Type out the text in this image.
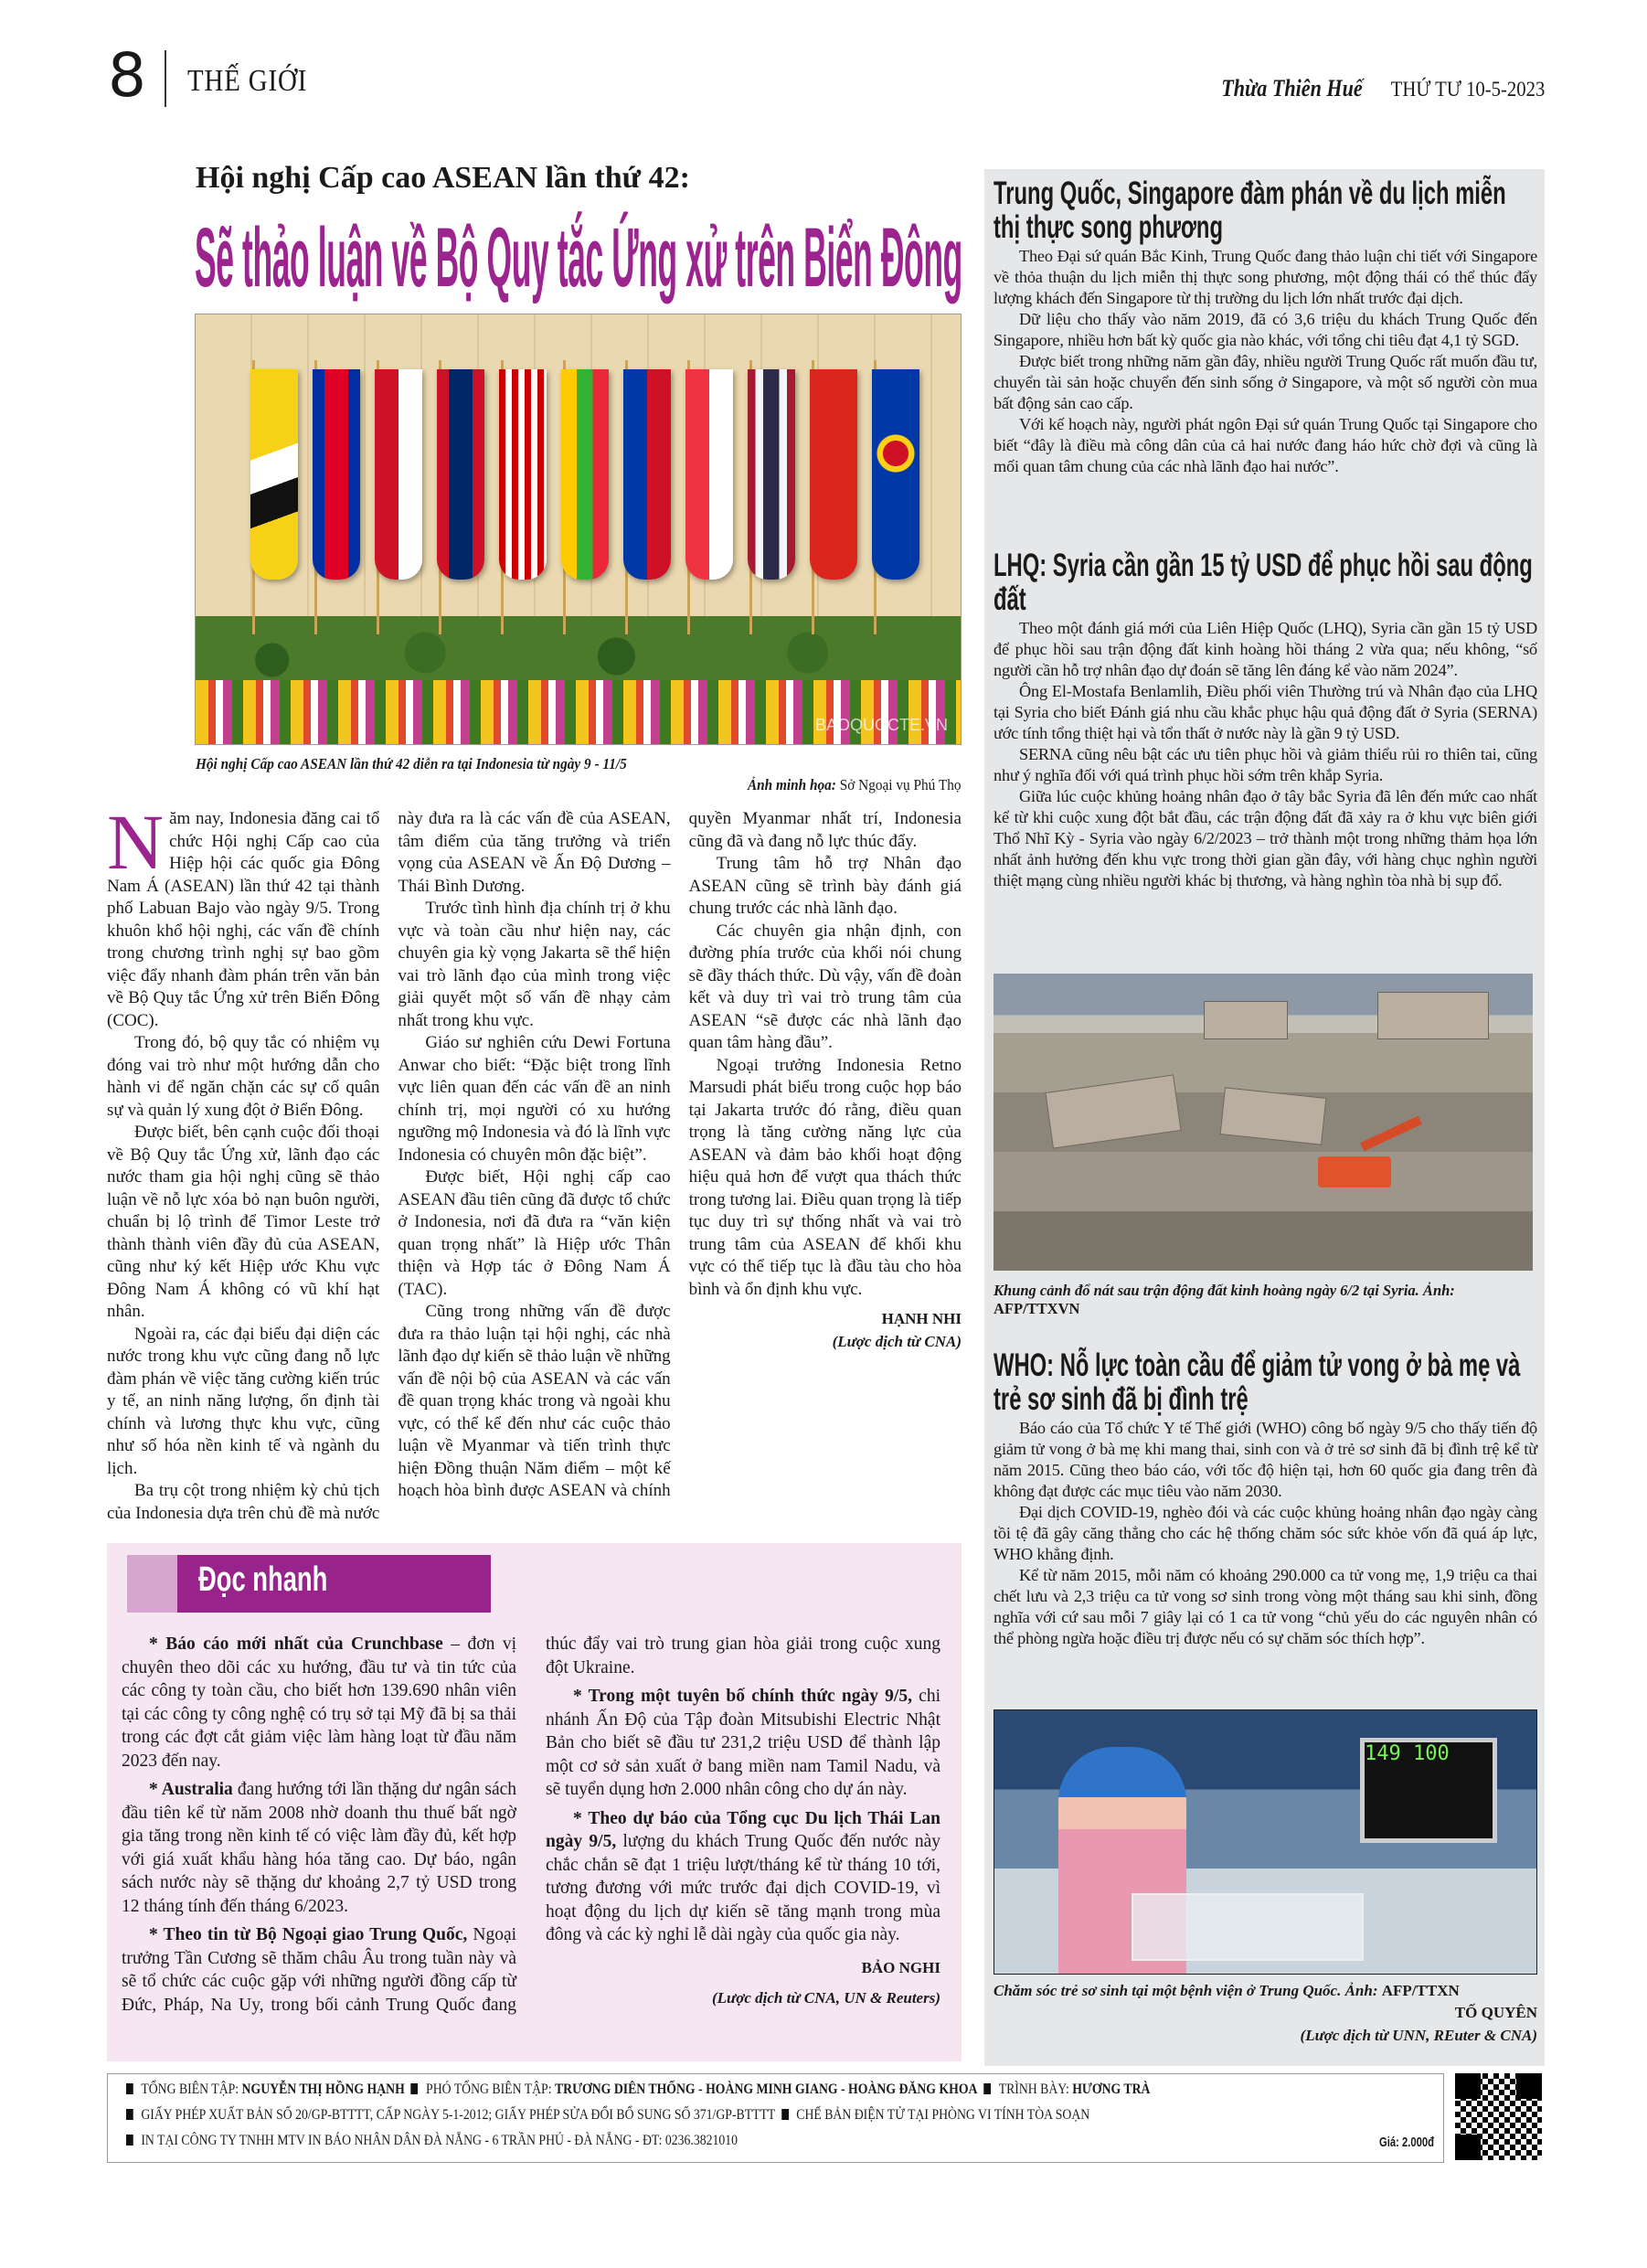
8 THẾ GIỚI	Thừa Thiên Huế THỨ TƯ 10-5-2023
Hội nghị Cấp cao ASEAN lần thứ 42:
Sẽ thảo luận về Bộ Quy tắc Ứng xử trên Biển Đông
BAOQUOCTE.VN
Hội nghị Cấp cao ASEAN lần thứ 42 diễn ra tại Indonesia từ ngày 9 - 11/5
Ảnh minh họa: Sở Ngoại vụ Phú Thọ

Năm nay, Indonesia đăng cai tổ chức Hội nghị Cấp cao của Hiệp hội các quốc gia Đông Nam Á (ASEAN) lần thứ 42 tại thành phố Labuan Bajo vào ngày 9/5. Trong khuôn khổ hội nghị, các vấn đề chính trong chương trình nghị sự bao gồm việc đẩy nhanh đàm phán trên văn bản về Bộ Quy tắc Ứng xử trên Biển Đông (COC).

Trong đó, bộ quy tắc có nhiệm vụ đóng vai trò như một hướng dẫn cho hành vi để ngăn chặn các sự cố quân sự và quản lý xung đột ở Biển Đông.

Được biết, bên cạnh cuộc đối thoại về Bộ Quy tắc Ứng xử, lãnh đạo các nước tham gia hội nghị cũng sẽ thảo luận về nỗ lực xóa bỏ nạn buôn người, chuẩn bị lộ trình để Timor Leste trở thành thành viên đầy đủ của ASEAN, cũng như ký kết Hiệp ước Khu vực Đông Nam Á không có vũ khí hạt nhân.

Ngoài ra, các đại biểu đại diện các nước trong khu vực cũng đang nỗ lực đàm phán về việc tăng cường kiến trúc y tế, an ninh năng lượng, ổn định tài chính và lương thực khu vực, cũng như số hóa nền kinh tế và ngành du lịch.

Ba trụ cột trong nhiệm kỳ chủ tịch của Indonesia dựa trên chủ đề mà nước này đưa ra là các vấn đề của ASEAN, tâm điểm của tăng trưởng và triển vọng của ASEAN về Ấn Độ Dương – Thái Bình Dương.

Trước tình hình địa chính trị ở khu vực và toàn cầu như hiện nay, các chuyên gia kỳ vọng Jakarta sẽ thể hiện vai trò lãnh đạo của mình trong việc giải quyết một số vấn đề nhạy cảm nhất trong khu vực.

Giáo sư nghiên cứu Dewi Fortuna Anwar cho biết: “Đặc biệt trong lĩnh vực liên quan đến các vấn đề an ninh chính trị, mọi người có xu hướng ngưỡng mộ Indonesia và đó là lĩnh vực Indonesia có chuyên môn đặc biệt”.

Được biết, Hội nghị cấp cao ASEAN đầu tiên cũng đã được tổ chức ở Indonesia, nơi đã đưa ra “văn kiện quan trọng nhất” là Hiệp ước Thân thiện và Hợp tác ở Đông Nam Á (TAC).

Cũng trong những vấn đề được đưa ra thảo luận tại hội nghị, các nhà lãnh đạo dự kiến sẽ thảo luận về những vấn đề nội bộ của ASEAN và các vấn đề quan trọng khác trong và ngoài khu vực, có thể kể đến như các cuộc thảo luận về Myanmar và tiến trình thực hiện Đồng thuận Năm điểm – một kế hoạch hòa bình được ASEAN và chính quyền Myanmar nhất trí, Indonesia cũng đã và đang nỗ lực thúc đẩy.

Trung tâm hỗ trợ Nhân đạo ASEAN cũng sẽ trình bày đánh giá chung trước các nhà lãnh đạo.

Các chuyên gia nhận định, con đường phía trước của khối nói chung sẽ đầy thách thức. Dù vậy, vấn đề đoàn kết và duy trì vai trò trung tâm của ASEAN “sẽ được các nhà lãnh đạo quan tâm hàng đầu”.

Ngoại trưởng Indonesia Retno Marsudi phát biểu trong cuộc họp báo tại Jakarta trước đó rằng, điều quan trọng là tăng cường năng lực của ASEAN và đảm bảo khối hoạt động hiệu quả hơn để vượt qua thách thức trong tương lai. Điều quan trọng là tiếp tục duy trì sự thống nhất và vai trò trung tâm của ASEAN để khối khu vực có thể tiếp tục là đầu tàu cho hòa bình và ổn định khu vực.

HẠNH NHI
(Lược dịch từ CNA)
Đọc nhanh

* Báo cáo mới nhất của Crunchbase – đơn vị chuyên theo dõi các xu hướng, đầu tư và tin tức của các công ty toàn cầu, cho biết hơn 139.690 nhân viên tại các công ty công nghệ có trụ sở tại Mỹ đã bị sa thải trong các đợt cắt giảm việc làm hàng loạt từ đầu năm 2023 đến nay.

* Australia đang hướng tới lần thặng dư ngân sách đầu tiên kể từ năm 2008 nhờ doanh thu thuế bất ngờ gia tăng trong nền kinh tế có việc làm đầy đủ, kết hợp với giá xuất khẩu hàng hóa tăng cao. Dự báo, ngân sách nước này sẽ thặng dư khoảng 2,7 tỷ USD trong 12 tháng tính đến tháng 6/2023.

* Theo tin từ Bộ Ngoại giao Trung Quốc, Ngoại trưởng Tần Cương sẽ thăm châu Âu trong tuần này và sẽ tổ chức các cuộc gặp với những người đồng cấp từ Đức, Pháp, Na Uy, trong bối cảnh Trung Quốc đang thúc đẩy vai trò trung gian hòa giải trong cuộc xung đột Ukraine.

* Trong một tuyên bố chính thức ngày 9/5, chi nhánh Ấn Độ của Tập đoàn Mitsubishi Electric Nhật Bản cho biết sẽ đầu tư 231,2 triệu USD để thành lập một cơ sở sản xuất ở bang miền nam Tamil Nadu, và sẽ tuyển dụng hơn 2.000 nhân công cho dự án này.

* Theo dự báo của Tổng cục Du lịch Thái Lan ngày 9/5, lượng du khách Trung Quốc đến nước này chắc chắn sẽ đạt 1 triệu lượt/tháng kể từ tháng 10 tới, tương đương với mức trước đại dịch COVID-19, vì hoạt động du lịch dự kiến sẽ tăng mạnh trong mùa đông và các kỳ nghỉ lễ dài ngày của quốc gia này.

BẢO NGHI
(Lược dịch từ CNA, UN & Reuters)
Trung Quốc, Singapore đàm phán về du lịch miễn thị thực song phương

Theo Đại sứ quán Bắc Kinh, Trung Quốc đang thảo luận chi tiết với Singapore về thỏa thuận du lịch miễn thị thực song phương, một động thái có thể thúc đẩy lượng khách đến Singapore từ thị trường du lịch lớn nhất trước đại dịch.

Dữ liệu cho thấy vào năm 2019, đã có 3,6 triệu du khách Trung Quốc đến Singapore, nhiều hơn bất kỳ quốc gia nào khác, với tổng chi tiêu đạt 4,1 tỷ SGD.

Được biết trong những năm gần đây, nhiều người Trung Quốc rất muốn đầu tư, chuyển tài sản hoặc chuyển đến sinh sống ở Singapore, và một số người còn mua bất động sản cao cấp.

Với kế hoạch này, người phát ngôn Đại sứ quán Trung Quốc tại Singapore cho biết “đây là điều mà công dân của cả hai nước đang háo hức chờ đợi và cũng là mối quan tâm chung của các nhà lãnh đạo hai nước”.

LHQ: Syria cần gần 15 tỷ USD để phục hồi sau động đất

Theo một đánh giá mới của Liên Hiệp Quốc (LHQ), Syria cần gần 15 tỷ USD để phục hồi sau trận động đất kinh hoàng hồi tháng 2 vừa qua; nếu không, “số người cần hỗ trợ nhân đạo dự đoán sẽ tăng lên đáng kể vào năm 2024”.

Ông El-Mostafa Benlamlih, Điều phối viên Thường trú và Nhân đạo của LHQ tại Syria cho biết Đánh giá nhu cầu khắc phục hậu quả động đất ở Syria (SERNA) ước tính tổng thiệt hại và tổn thất ở nước này là gần 9 tỷ USD.

SERNA cũng nêu bật các ưu tiên phục hồi và giảm thiểu rủi ro thiên tai, cũng như ý nghĩa đối với quá trình phục hồi sớm trên khắp Syria.

Giữa lúc cuộc khủng hoảng nhân đạo ở tây bắc Syria đã lên đến mức cao nhất kể từ khi cuộc xung đột bắt đầu, các trận động đất đã xảy ra ở khu vực biên giới Thổ Nhĩ Kỳ - Syria vào ngày 6/2/2023 – trở thành một trong những thảm họa lớn nhất ảnh hưởng đến khu vực trong thời gian gần đây, với hàng chục nghìn người thiệt mạng cùng nhiều người khác bị thương, và hàng nghìn tòa nhà bị sụp đổ.

WHO: Nỗ lực toàn cầu để giảm tử vong ở bà mẹ và trẻ sơ sinh đã bị đình trệ

Báo cáo của Tổ chức Y tế Thế giới (WHO) công bố ngày 9/5 cho thấy tiến độ giảm tử vong ở bà mẹ khi mang thai, sinh con và ở trẻ sơ sinh đã bị đình trệ kể từ năm 2015. Cũng theo báo cáo, với tốc độ hiện tại, hơn 60 quốc gia đang trên đà không đạt được các mục tiêu vào năm 2030.

Đại dịch COVID-19, nghèo đói và các cuộc khủng hoảng nhân đạo ngày càng tồi tệ đã gây căng thẳng cho các hệ thống chăm sóc sức khỏe vốn đã quá áp lực, WHO khẳng định.

Kể từ năm 2015, mỗi năm có khoảng 290.000 ca tử vong mẹ, 1,9 triệu ca thai chết lưu và 2,3 triệu ca tử vong sơ sinh trong vòng một tháng sau khi sinh, đồng nghĩa với cứ sau mỗi 7 giây lại có 1 ca tử vong “chủ yếu do các nguyên nhân có thể phòng ngừa hoặc điều trị được nếu có sự chăm sóc thích hợp”.

Khung cảnh đổ nát sau trận động đất kinh hoàng ngày 6/2 tại Syria. Ảnh: AFP/TTXVN
149 100
Chăm sóc trẻ sơ sinh tại một bệnh viện ở Trung Quốc. Ảnh: AFP/TTXN
TỐ QUYÊN
(Lược dịch từ UNN, REuter & CNA)
TỔNG BIÊN TẬP: NGUYỄN THỊ HỒNG HẠNH PHÓ TỔNG BIÊN TẬP: TRƯƠNG DIÊN THỐNG - HOÀNG MINH GIANG - HOÀNG ĐĂNG KHOA TRÌNH BÀY: HƯƠNG TRÀ
GIẤY PHÉP XUẤT BẢN SỐ 20/GP-BTTTT, CẤP NGÀY 5-1-2012; GIẤY PHÉP SỬA ĐỔI BỔ SUNG SỐ 371/GP-BTTTT CHẾ BẢN ĐIỆN TỬ TẠI PHÒNG VI TÍNH TÒA SOẠN
IN TẠI CÔNG TY TNHH MTV IN BÁO NHÂN DÂN ĐÀ NẴNG - 6 TRẦN PHÚ - ĐÀ NẴNG - ĐT: 0236.3821010	Giá: 2.000đ
